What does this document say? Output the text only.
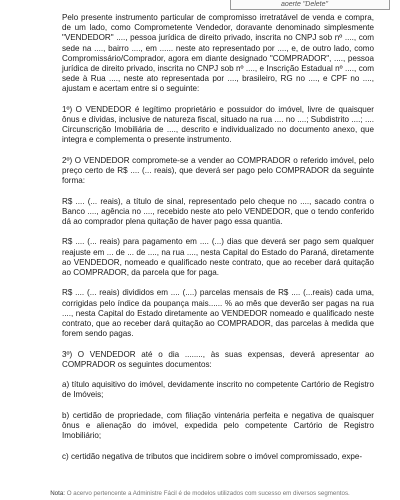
aoerte "Delete"

Pelo presente instrumento particular de compromisso irretratável de venda e compra, de um lado, como Comprometente Vendedor, doravante denominado simplesmente "VENDEDOR" ...., pessoa jurídica de direito privado, inscrita no CNPJ sob nº ...., com sede na ...., bairro ...., em ...... neste ato representado por ...., e, de outro lado, como Compromissário/Comprador, agora em diante designado "COMPRADOR", ...., pessoa jurídica de direito privado, inscrita no CNPJ sob nº ...., e Inscrição Estadual nº ...., com sede à Rua ...., neste ato representada por ...., brasileiro, RG no ...., e CPF no ...., ajustam e acertam entre si o seguinte:

1º) O VENDEDOR é legítimo proprietário e possuidor do imóvel, livre de quaisquer ônus e dívidas, inclusive de natureza fiscal, situado na rua .... no ....; Subdistrito ....; .... Circunscrição Imobiliária de ...., descrito e individualizado no documento anexo, que integra e complementa o presente instrumento.

2º) O VENDEDOR compromete-se a vender ao COMPRADOR o referido imóvel, pelo preço certo de R$ .... (... reais), que deverá ser pago pelo COMPRADOR da seguinte forma:

R$ .... (... reais), a título de sinal, representado pelo cheque no ...., sacado contra o Banco ...., agência no ...., recebido neste ato pelo VENDEDOR, que o tendo conferido dá ao comprador plena quitação de haver pago essa quantia.

R$ .... (... reais) para pagamento em .... (...) dias que deverá ser pago sem qualquer reajuste em ... de ... de ...., na rua ...., nesta Capital do Estado do Paraná, diretamente ao VENDEDOR, nomeado e qualificado neste contrato, que ao receber dará quitação ao COMPRADOR, da parcela que for paga.

R$ .... (... reais) divididos em .... (....) parcelas mensais de R$ .... (...reais) cada uma, corrigidas pelo índice da poupança mais...... % ao mês que deverão ser pagas na rua ...., nesta Capital do Estado diretamente ao VENDEDOR nomeado e qualificado neste contrato, que ao receber dará quitação ao COMPRADOR, das parcelas à medida que forem sendo pagas.

3º) O VENDEDOR até o dia ........, às suas expensas, deverá apresentar ao COMPRADOR os seguintes documentos:

a) título aquisitivo do imóvel, devidamente inscrito no competente Cartório de Registro de Imóveis;

b) certidão de propriedade, com filiação vintenária perfeita e negativa de quaisquer ônus e alienação do imóvel, expedida pelo competente Cartório de Registro Imobiliário;

c) certidão negativa de tributos que incidirem sobre o imóvel compromissado, expe-

Nota: O acervo pertencente a Administre Fácil é de modelos utilizados com sucesso em diversos segmentos.
